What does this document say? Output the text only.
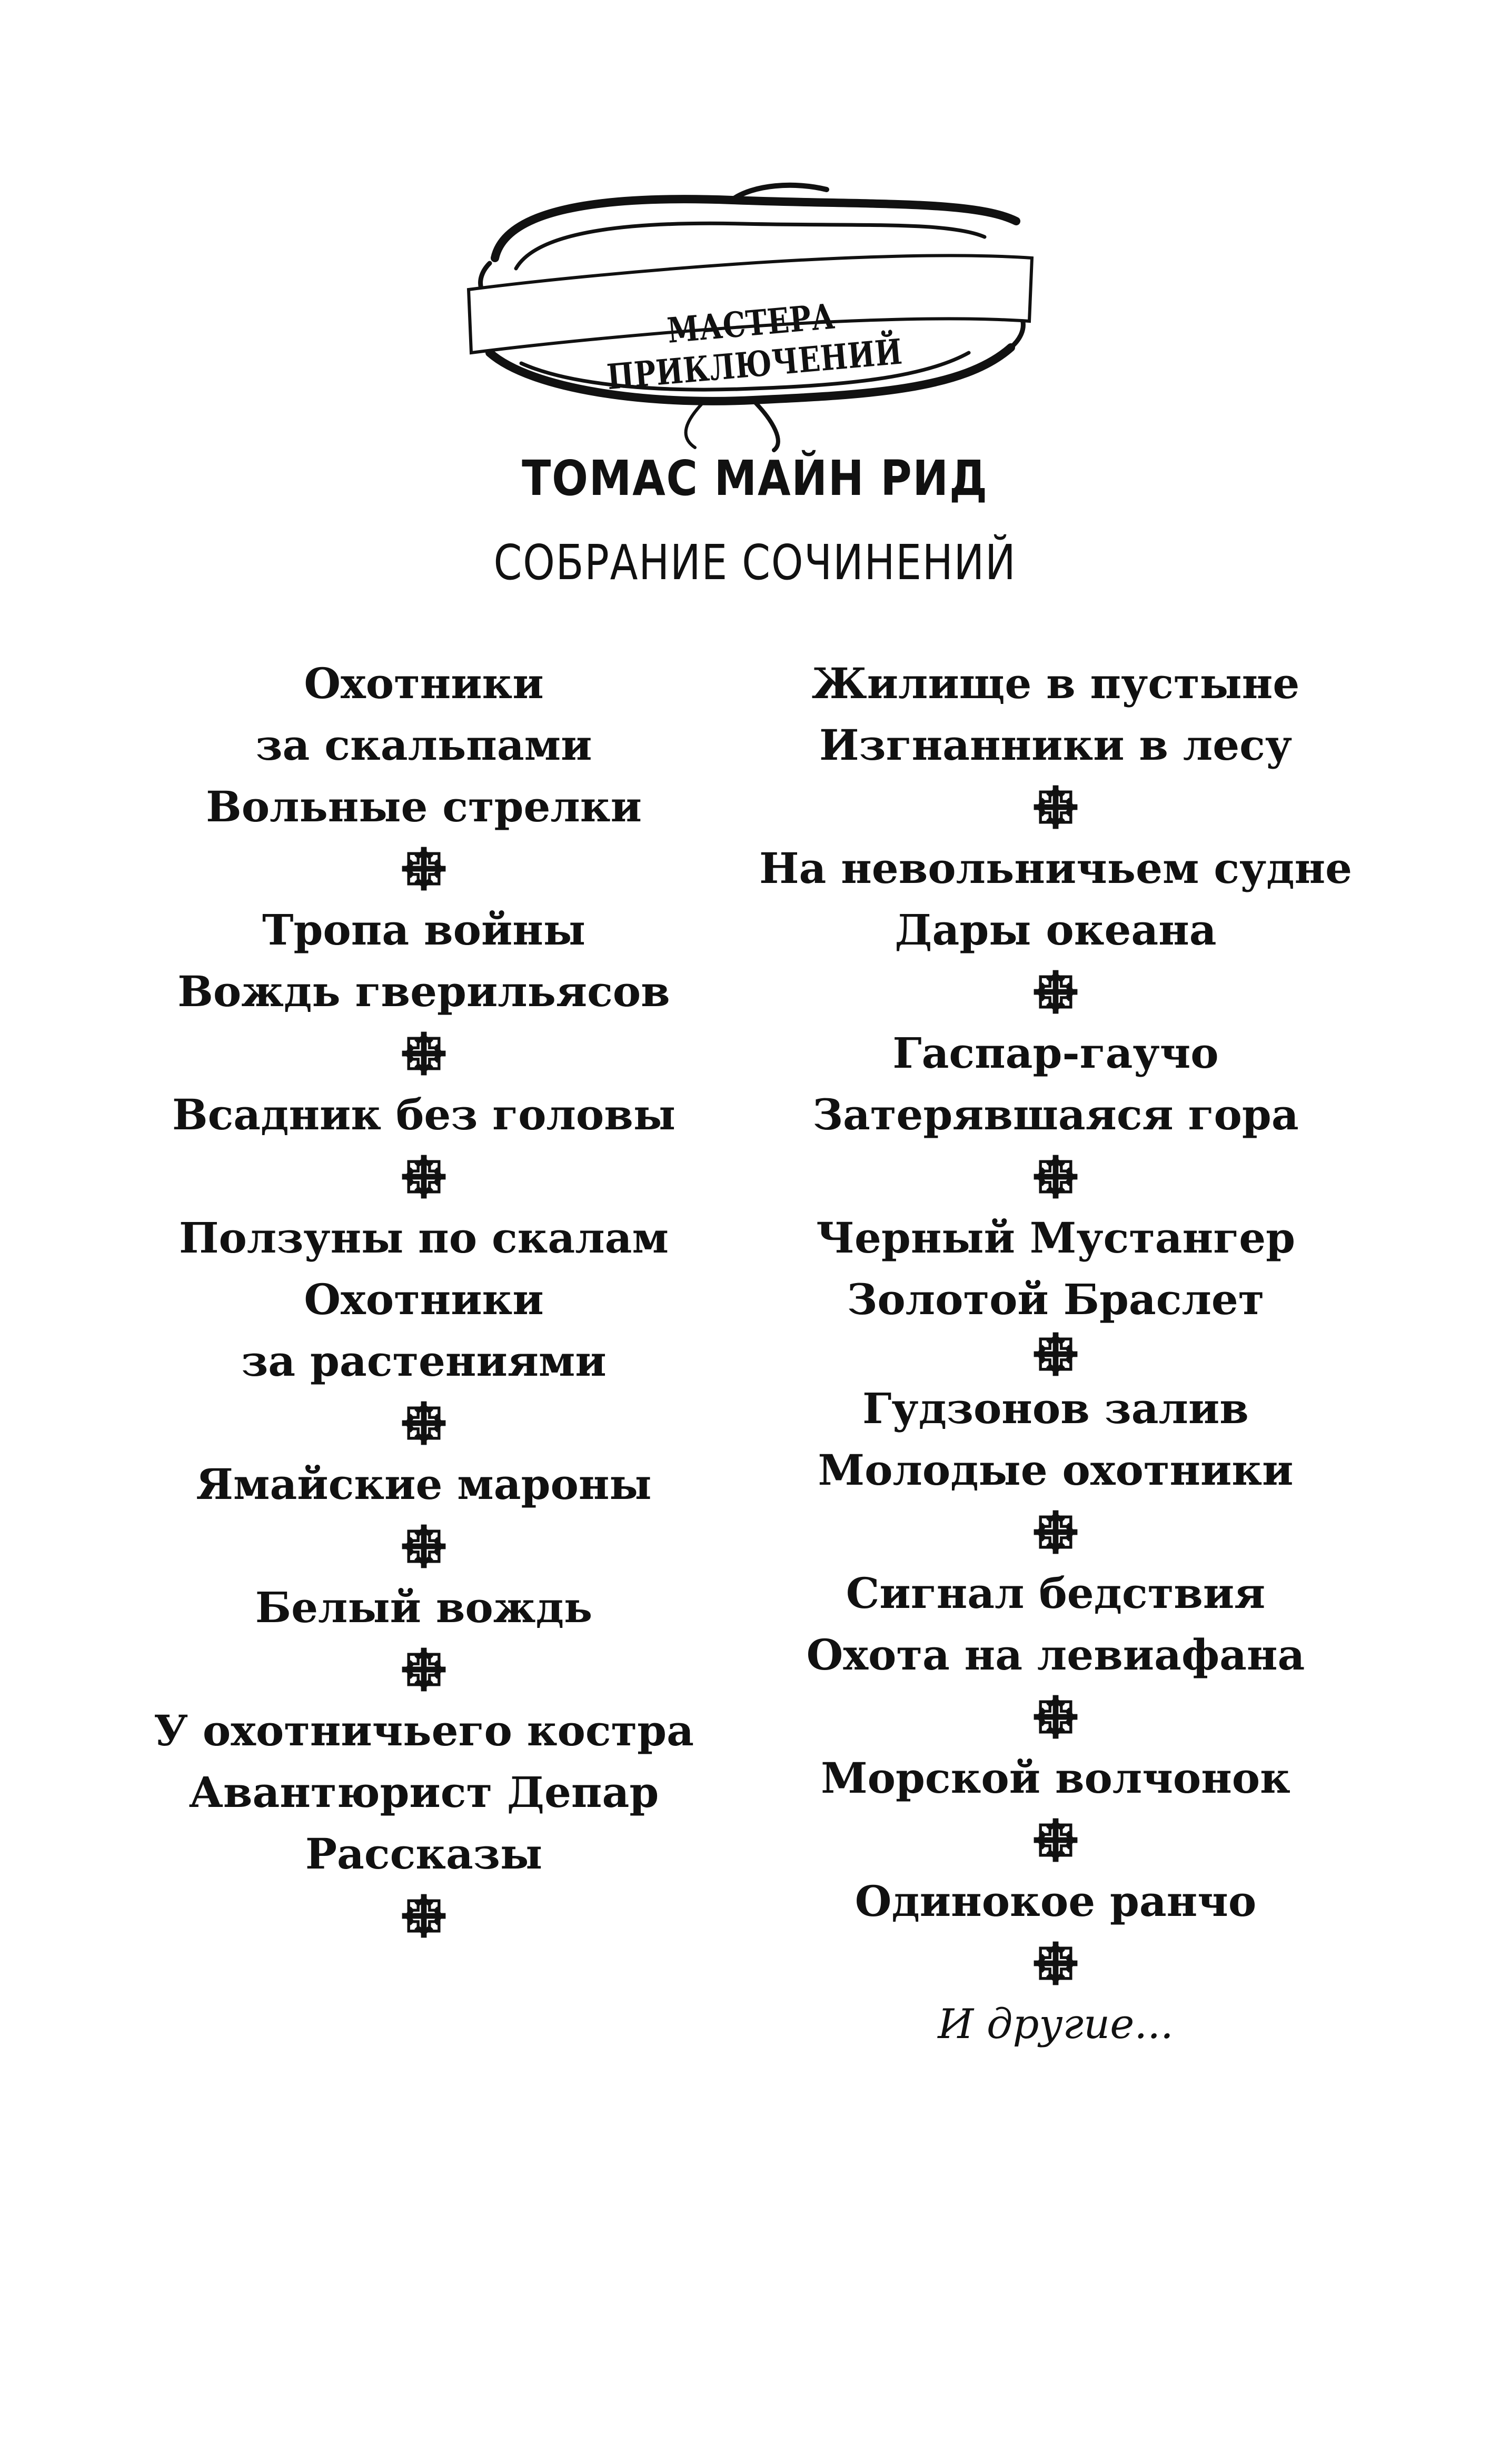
МАСТЕРА ПРИКЛЮЧЕНИЙ
ТОМАС МАЙН РИД
СОБРАНИЕ СОЧИНЕНИЙ
Охотники
за скальпами
Вольные стрелки
Тропа войны
Вождь гверильясов
Всадник без головы
Ползуны по скалам
Охотники
за растениями
Ямайские мароны
Белый вождь
У охотничьего костра
Авантюрист Депар
Рассказы
Жилище в пустыне
Изгнанники в лесу
На невольничьем судне
Дары океана
Гаспар-гаучо
Затерявшаяся гора
Черный Мустангер
Золотой Браслет
Гудзонов залив
Молодые охотники
Сигнал бедствия
Охота на левиафана
Морской волчонок
Одинокое ранчо
И другие...
